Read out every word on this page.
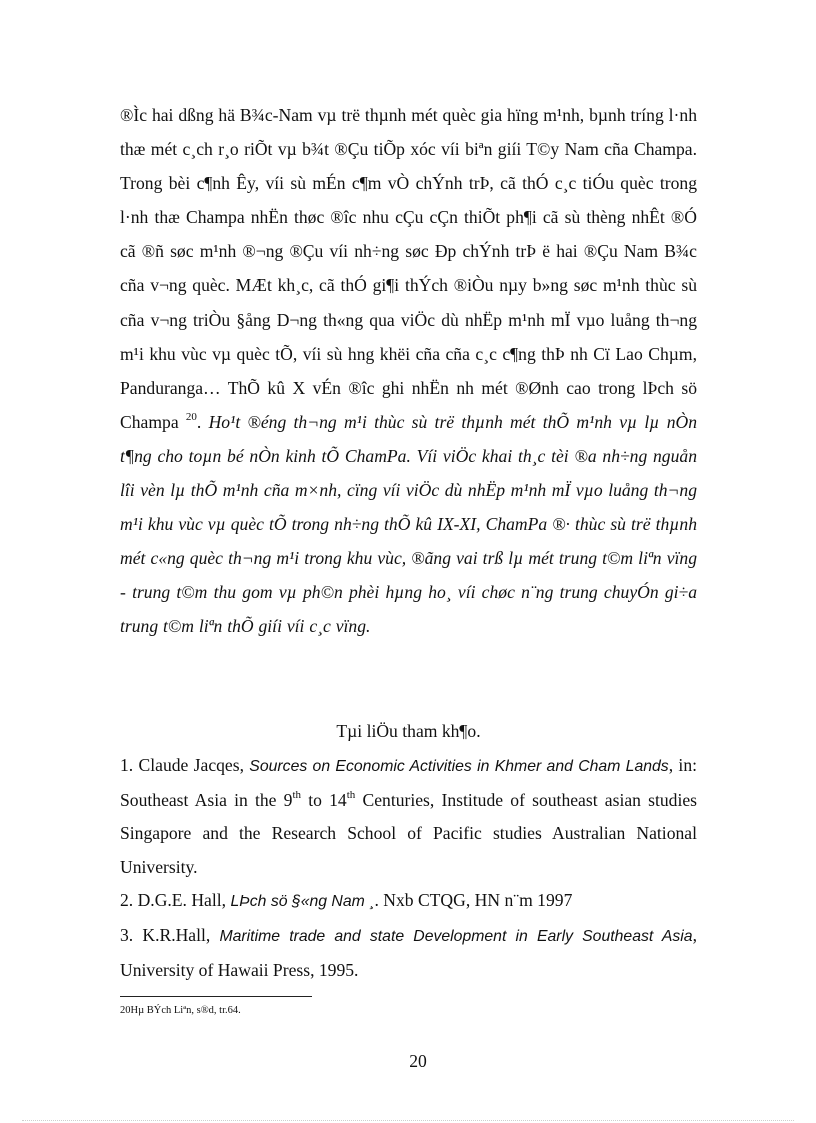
®Ìc hai dßng hä B¾c-Nam vµ trë thµnh mét quèc gia hïng m¹nh, bµnh tríng l·nh thæ mét c¸ch r¸o riÕt vµ b¾t ®Çu tiÕp xóc víi biªn giíi T©y Nam cña Champa. Trong bèi c¶nh Êy, víi sù mÉn c¶m vÒ chÝnh trÞ, cã thÓ c¸c tiÓu quèc trong l·nh thæ Champa nhËn thøc ®îc nhu cÇu cÇn thiÕt ph¶i cã sù thèng nhÊt ®Ó cã ®ñ søc m¹nh ®¬ng ®Çu víi nh÷ng søc Ðp chÝnh trÞ ë hai ®Çu Nam B¾c cña v¬ng quèc. MÆt kh¸c, cã thÓ gi¶i thÝch ®iÒu nµy b»ng søc m¹nh thùc sù cña v¬ng triÒu §ång D¬ng th«ng qua viÖc dù nhËp m¹nh mÏ vµo luång th¬ng m¹i khu vùc vµ quèc tÕ, víi sù hng khëi cña cña c¸c c¶ng thÞ nh Cï Lao Chµm, Panduranga… ThÕ kû X vÉn ®îc ghi nhËn nh mét ®Ønh cao trong lÞch sö Champa $^{20}$. Ho¹t ®éng th¬ng m¹i thùc sù trë thµnh mét thÕ m¹nh vµ lµ nÒn t¶ng cho toµn bé nÒn kinh tÕ ChamPa. Víi viÖc khai th¸c tèi ®a nh÷ng nguån lîi vèn lµ thÕ m¹nh cña m×nh, cïng víi viÖc dù nhËp m¹nh mÏ vµo luång th¬ng m¹i khu vùc vµ quèc tÕ trong nh÷ng thÕ kû IX-XI, ChamPa ®· thùc sù trë thµnh mét c«ng quèc th¬ng m¹i trong khu vùc, ®ãng vai trß lµ mét trung t©m liªn vïng - trung t©m thu gom vµ ph©n phèi hµng ho¸ víi chøc n¨ng trung chuyÓn gi÷a trung t©m liªn thÕ giíi víi c¸c vïng.

Tµi liÖu tham kh¶o.

1. Claude Jacqes, Sources on Economic Activities in Khmer and Cham Lands, in: Southeast Asia in the 9th to 14th Centuries, Institude of southeast asian studies Singapore and the Research School of Pacific studies Australian National University.

2. D.G.E. Hall, LÞch sö §«ng Nam ¸. Nxb CTQG, HN n¨m 1997

3. K.R.Hall, Maritime trade and state Development in Early Southeast Asia, University of Hawaii Press, 1995.

20Hµ BÝch Liªn, s®d, tr.64.
20
